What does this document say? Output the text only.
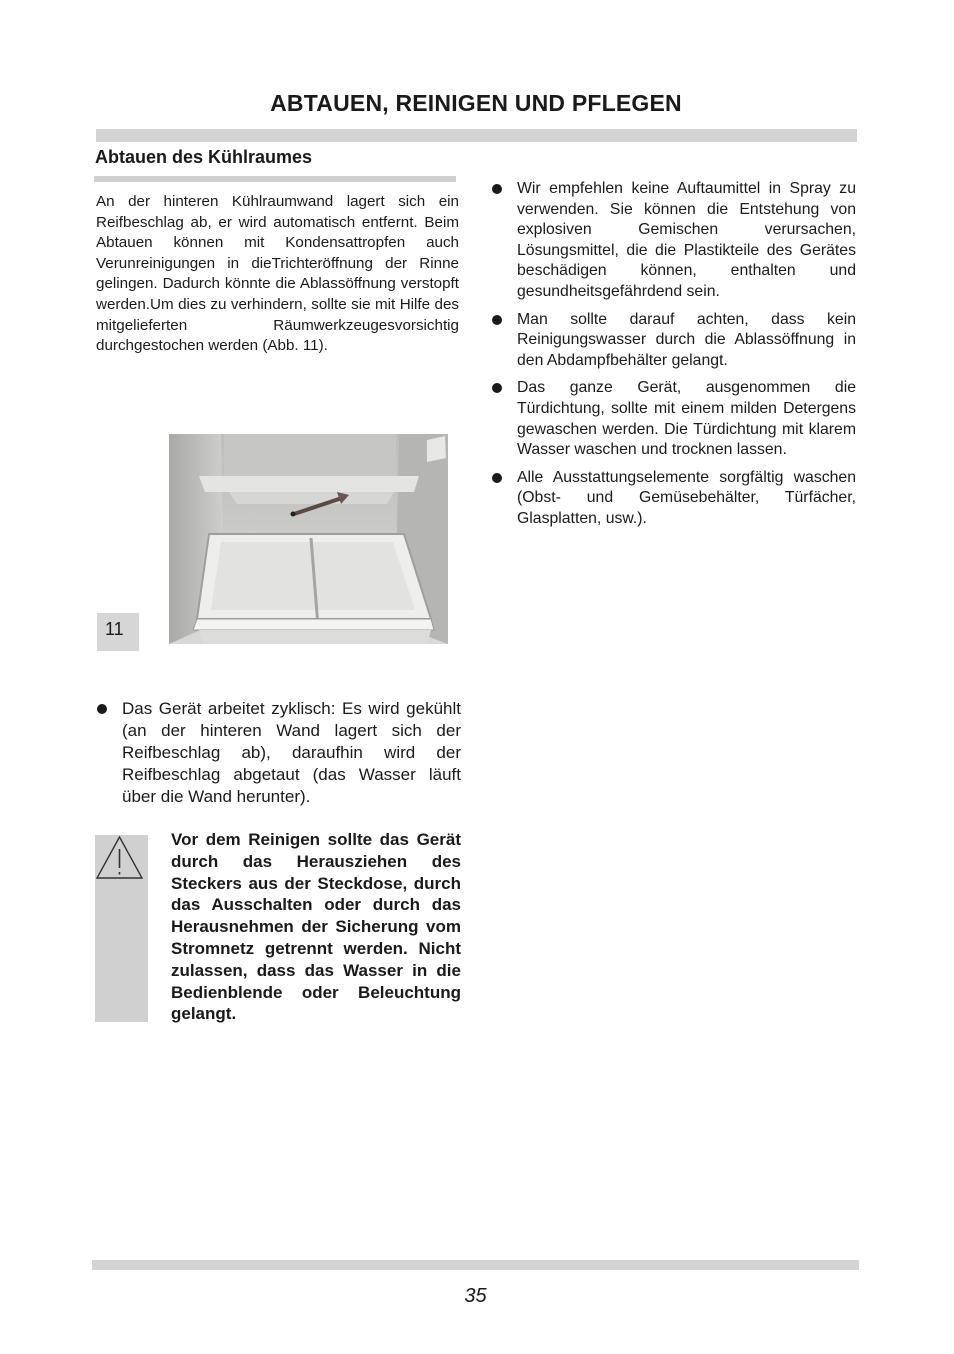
ABTAUEN, REINIGEN UND PFLEGEN
Abtauen des Kühlraumes

An der hinteren Kühlraumwand lagert sich ein Reifbeschlag ab, er wird automatisch entfernt. Beim Abtauen können mit Kondensattropfen auch Verunreinigungen in dieTrichteröffnung der Rinne gelingen. Dadurch könnte die Ablassöffnung verstopft werden.Um dies zu verhindern, sollte sie mit Hilfe des mitgelieferten Räumwerkzeugesvorsichtig durchgestochen werden (Abb. 11).

11
Das Gerät arbeitet zyklisch: Es wird gekühlt (an der hinteren Wand lagert sich der Reifbeschlag ab), daraufhin wird der Reifbeschlag abgetaut (das Wasser läuft über die Wand herunter).

Vor dem Reinigen sollte das Gerät durch das Herausziehen des Steckers aus der Steckdose, durch das Ausschalten oder durch das Herausnehmen der Sicherung vom Stromnetz getrennt werden. Nicht zulassen, dass das Wasser in die Bedienblende oder Beleuchtung gelangt.

Wir empfehlen keine Auftaumittel in Spray zu verwenden. Sie können die Entstehung von explosiven Gemischen verursachen, Lösungsmittel, die die Plastikteile des Gerätes beschädigen können, enthalten und gesundheitsgefährdend sein.
Man sollte darauf achten, dass kein Reinigungswasser durch die Ablassöffnung in den Abdampfbehälter gelangt.
Das ganze Gerät, ausgenommen die Türdichtung, sollte mit einem milden Detergens gewaschen werden. Die Türdichtung mit klarem Wasser waschen und trocknen lassen.
Alle Ausstattungselemente sorgfältig waschen (Obst- und Gemüsebehälter, Türfächer, Glasplatten, usw.).
35
